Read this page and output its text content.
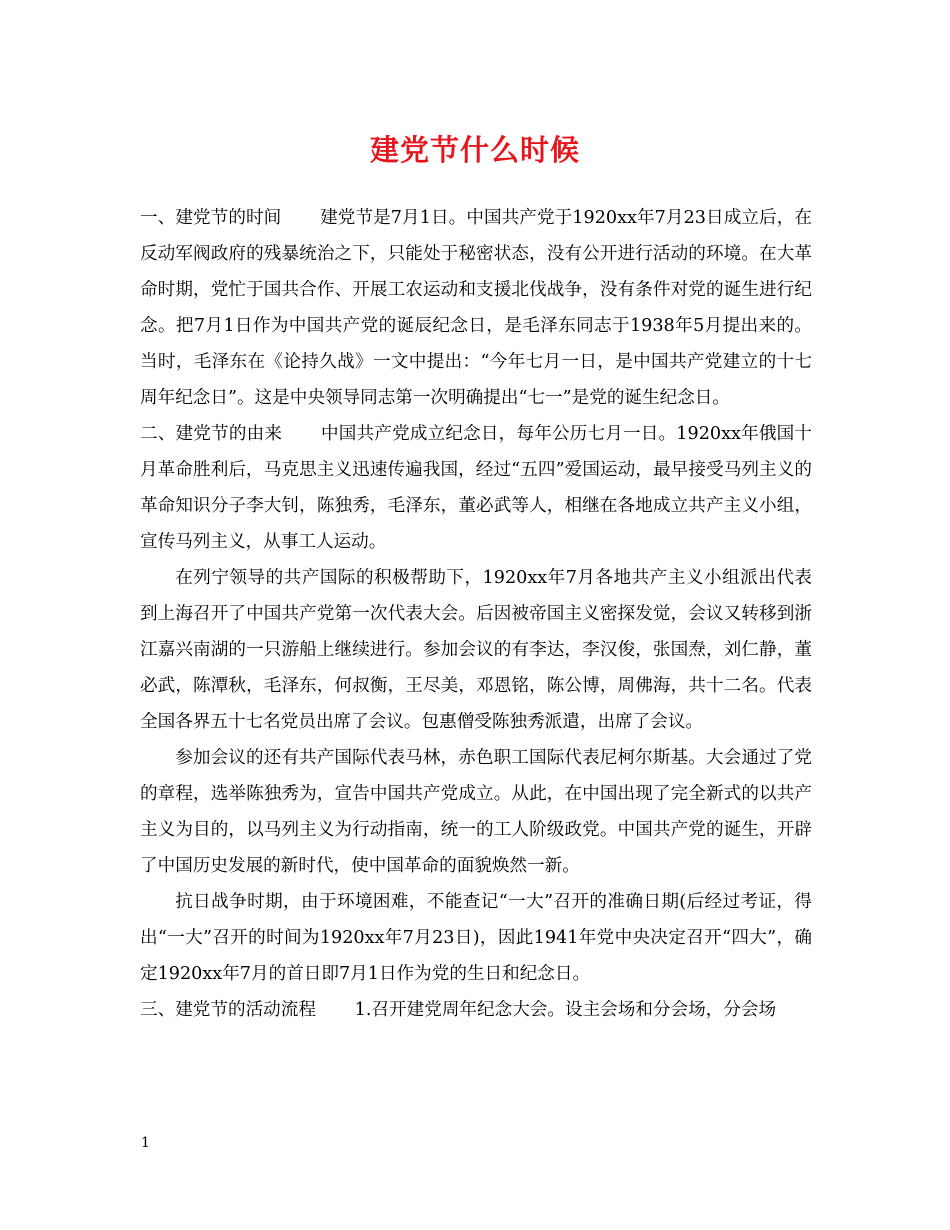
建党节什么时候

一、建党节的时间 建党节是7月1日。中国共产党于1920xx年7月23日成立后，在反动军阀政府的残暴统治之下，只能处于秘密状态，没有公开进行活动的环境。在大革命时期，党忙于国共合作、开展工农运动和支援北伐战争，没有条件对党的诞生进行纪念。把7月1日作为中国共产党的诞辰纪念日，是毛泽东同志于1938年5月提出来的。当时，毛泽东在《论持久战》一文中提出：“今年七月一日，是中国共产党建立的十七周年纪念日”。这是中央领导同志第一次明确提出“七一”是党的诞生纪念日。

二、建党节的由来 中国共产党成立纪念日，每年公历七月一日。1920xx年俄国十月革命胜利后，马克思主义迅速传遍我国，经过“五四”爱国运动，最早接受马列主义的革命知识分子李大钊，陈独秀，毛泽东，董必武等人，相继在各地成立共产主义小组，宣传马列主义，从事工人运动。

在列宁领导的共产国际的积极帮助下，1920xx年7月各地共产主义小组派出代表到上海召开了中国共产党第一次代表大会。后因被帝国主义密探发觉，会议又转移到浙江嘉兴南湖的一只游船上继续进行。参加会议的有李达，李汉俊，张国焘，刘仁静，董必武，陈潭秋，毛泽东，何叔衡，王尽美，邓恩铭，陈公博，周佛海，共十二名。代表全国各界五十七名党员出席了会议。包惠僧受陈独秀派遣，出席了会议。

参加会议的还有共产国际代表马林，赤色职工国际代表尼柯尔斯基。大会通过了党的章程，选举陈独秀为，宣告中国共产党成立。从此，在中国出现了完全新式的以共产主义为目的，以马列主义为行动指南，统一的工人阶级政党。中国共产党的诞生，开辟了中国历史发展的新时代，使中国革命的面貌焕然一新。

抗日战争时期，由于环境困难，不能查记“一大”召开的准确日期(后经过考证，得出“一大”召开的时间为1920xx年7月23日)，因此1941年党中央决定召开“四大”，确定1920xx年7月的首日即7月1日作为党的生日和纪念日。

三、建党节的活动流程 1.召开建党周年纪念大会。设主会场和分会场，分会场

1
